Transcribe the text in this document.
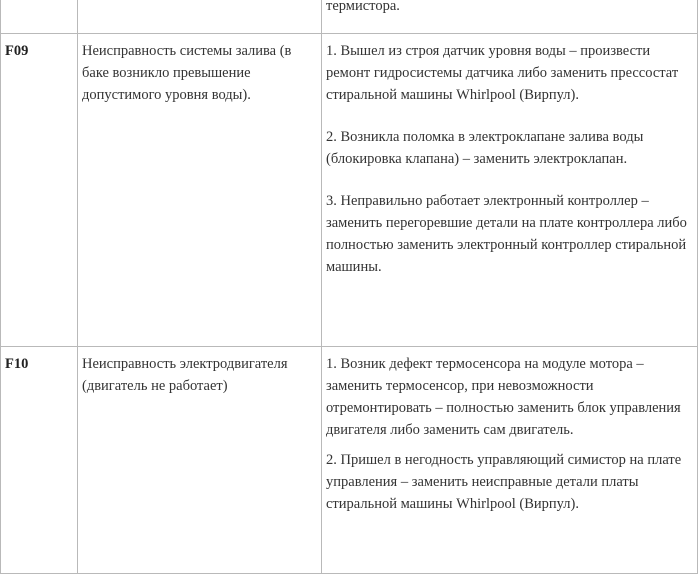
		термистора.

F09	Неисправность системы залива (в баке возникло превышение допустимого уровня воды).	1. Вышел из строя датчик уровня воды – произвести ремонт гидросистемы датчика либо заменить прессостат стиральной машины Whirlpool (Вирпул).

2. Возникла поломка в электроклапане залива воды (блокировка клапана) – заменить электроклапан.

3. Неправильно работает электронный контроллер – заменить перегоревшие детали на плате контроллера либо полностью заменить электронный контроллер стиральной машины.

F10	Неисправность электродвигателя (двигатель не работает)	1. Возник дефект термосенсора на модуле мотора – заменить термосенсор, при невозможности отремонтировать – полностью заменить блок управления двигателя либо заменить сам двигатель.

2. Пришел в негодность управляющий симистор на плате управления – заменить неисправные детали платы стиральной машины Whirlpool (Вирпул).
